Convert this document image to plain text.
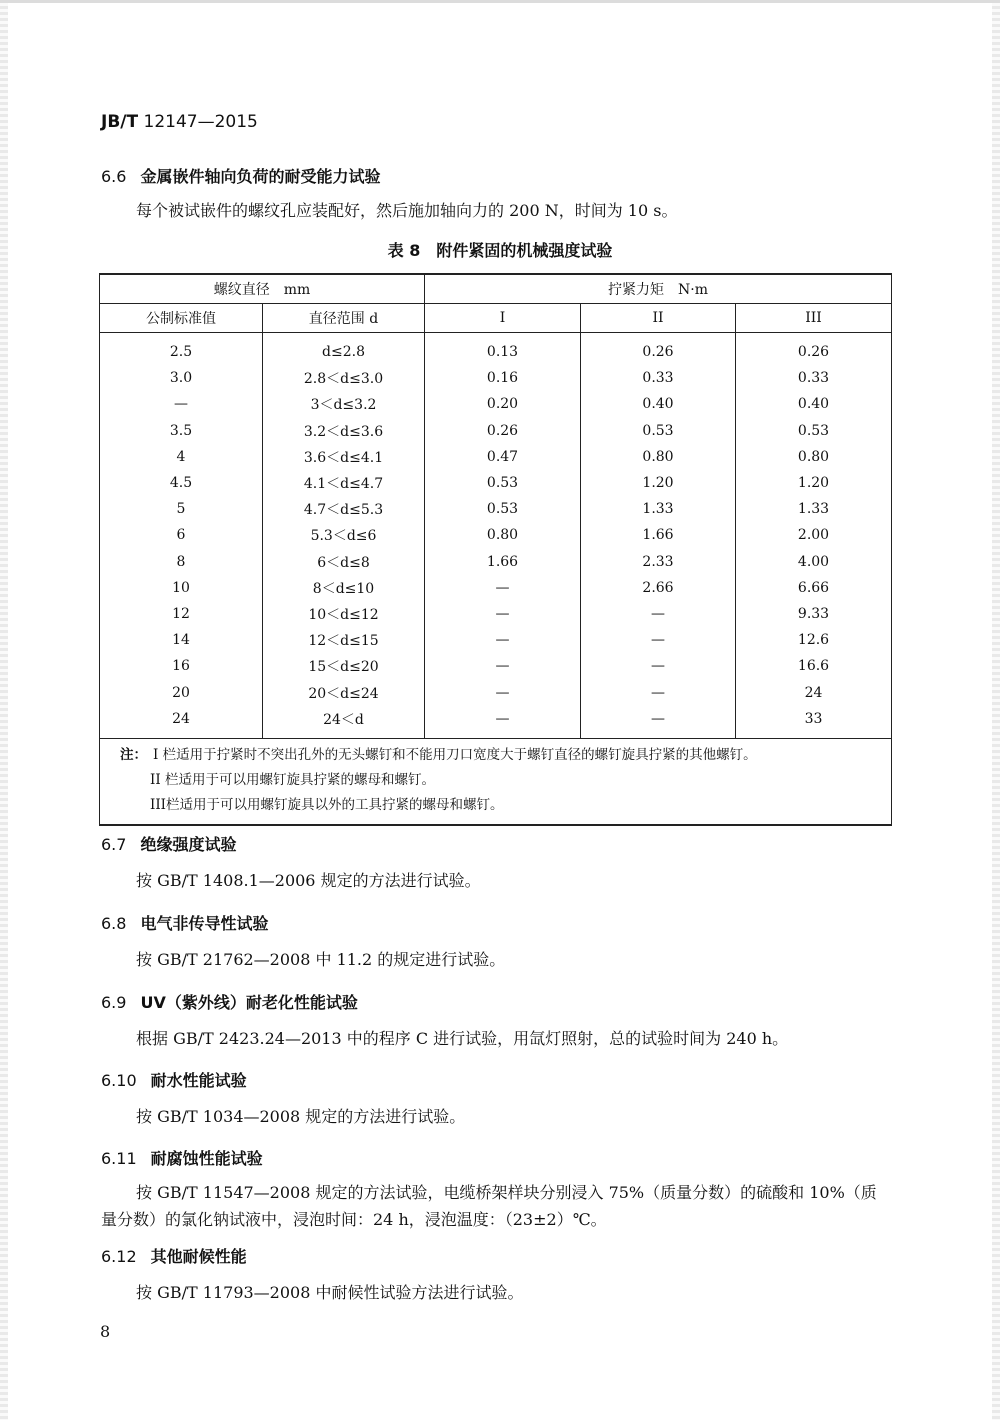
JB/T 12147—2015
6.6 金属嵌件轴向负荷的耐受能力试验
每个被试嵌件的螺纹孔应装配好，然后施加轴向力的 200 N，时间为 10 s。
表 8　附件紧固的机械强度试验
螺纹直径　mm		拧紧力矩　N·m		
公制标准值	直径范围 d	I	II	III
2.5	d≤2.8	0.13	0.26	0.26
3.0	2.8＜d≤3.0	0.16	0.33	0.33
—	3＜d≤3.2	0.20	0.40	0.40
3.5	3.2＜d≤3.6	0.26	0.53	0.53
4	3.6＜d≤4.1	0.47	0.80	0.80
4.5	4.1＜d≤4.7	0.53	1.20	1.20
5	4.7＜d≤5.3	0.53	1.33	1.33
6	5.3＜d≤6	0.80	1.66	2.00
8	6＜d≤8	1.66	2.33	4.00
10	8＜d≤10	—	2.66	6.66
12	10＜d≤12	—	—	9.33
14	12＜d≤15	—	—	12.6
16	15＜d≤20	—	—	16.6
20	20＜d≤24	—	—	24
24	24＜d	—	—	33

注： I 栏适用于拧紧时不突出孔外的无头螺钉和不能用刀口宽度大于螺钉直径的螺钉旋具拧紧的其他螺钉。
II 栏适用于可以用螺钉旋具拧紧的螺母和螺钉。
III栏适用于可以用螺钉旋具以外的工具拧紧的螺母和螺钉。				
6.7 绝缘强度试验
按 GB/T 1408.1—2006 规定的方法进行试验。
6.8 电气非传导性试验
按 GB/T 21762—2008 中 11.2 的规定进行试验。
6.9 UV（紫外线）耐老化性能试验
根据 GB/T 2423.24—2013 中的程序 C 进行试验，用氙灯照射，总的试验时间为 240 h。
6.10 耐水性能试验
按 GB/T 1034—2008 规定的方法进行试验。
6.11 耐腐蚀性能试验
按 GB/T 11547—2008 规定的方法试验，电缆桥架样块分别浸入 75%（质量分数）的硫酸和 10%（质
量分数）的氯化钠试液中，浸泡时间：24 h，浸泡温度：（23±2）℃。
6.12 其他耐候性能
按 GB/T 11793—2008 中耐候性试验方法进行试验。
8
